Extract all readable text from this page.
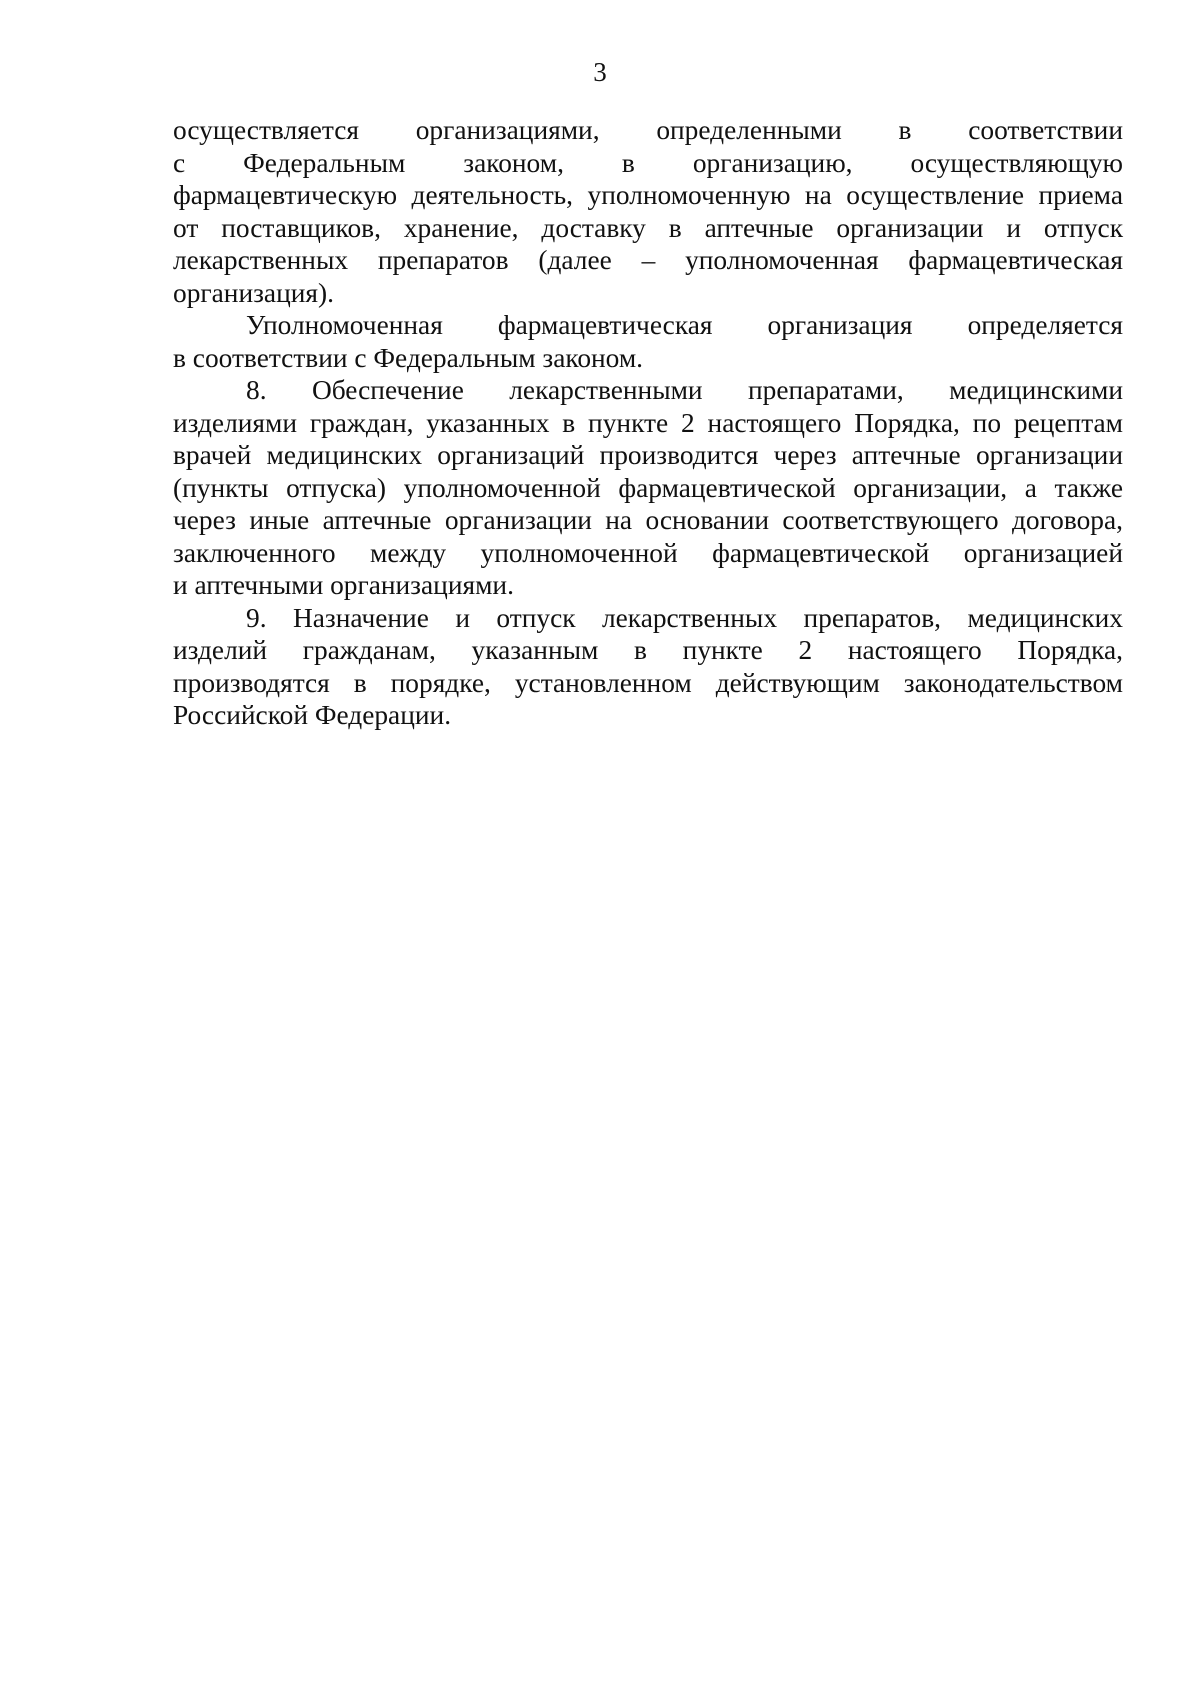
3

осуществляется организациями, определенными в соответствии
с Федеральным законом, в организацию, осуществляющую
фармацевтическую деятельность, уполномоченную на осуществление приема
от поставщиков, хранение, доставку в аптечные организации и отпуск
лекарственных препаратов (далее – уполномоченная фармацевтическая
организация).

Уполномоченная фармацевтическая организация определяется
в соответствии с Федеральным законом.

8. Обеспечение лекарственными препаратами, медицинскими
изделиями граждан, указанных в пункте 2 настоящего Порядка, по рецептам
врачей медицинских организаций производится через аптечные организации
(пункты отпуска) уполномоченной фармацевтической организации, а также
через иные аптечные организации на основании соответствующего договора,
заключенного между уполномоченной фармацевтической организацией
и аптечными организациями.

9. Назначение и отпуск лекарственных препаратов, медицинских
изделий гражданам, указанным в пункте 2 настоящего Порядка,
производятся в порядке, установленном действующим законодательством
Российской Федерации.
